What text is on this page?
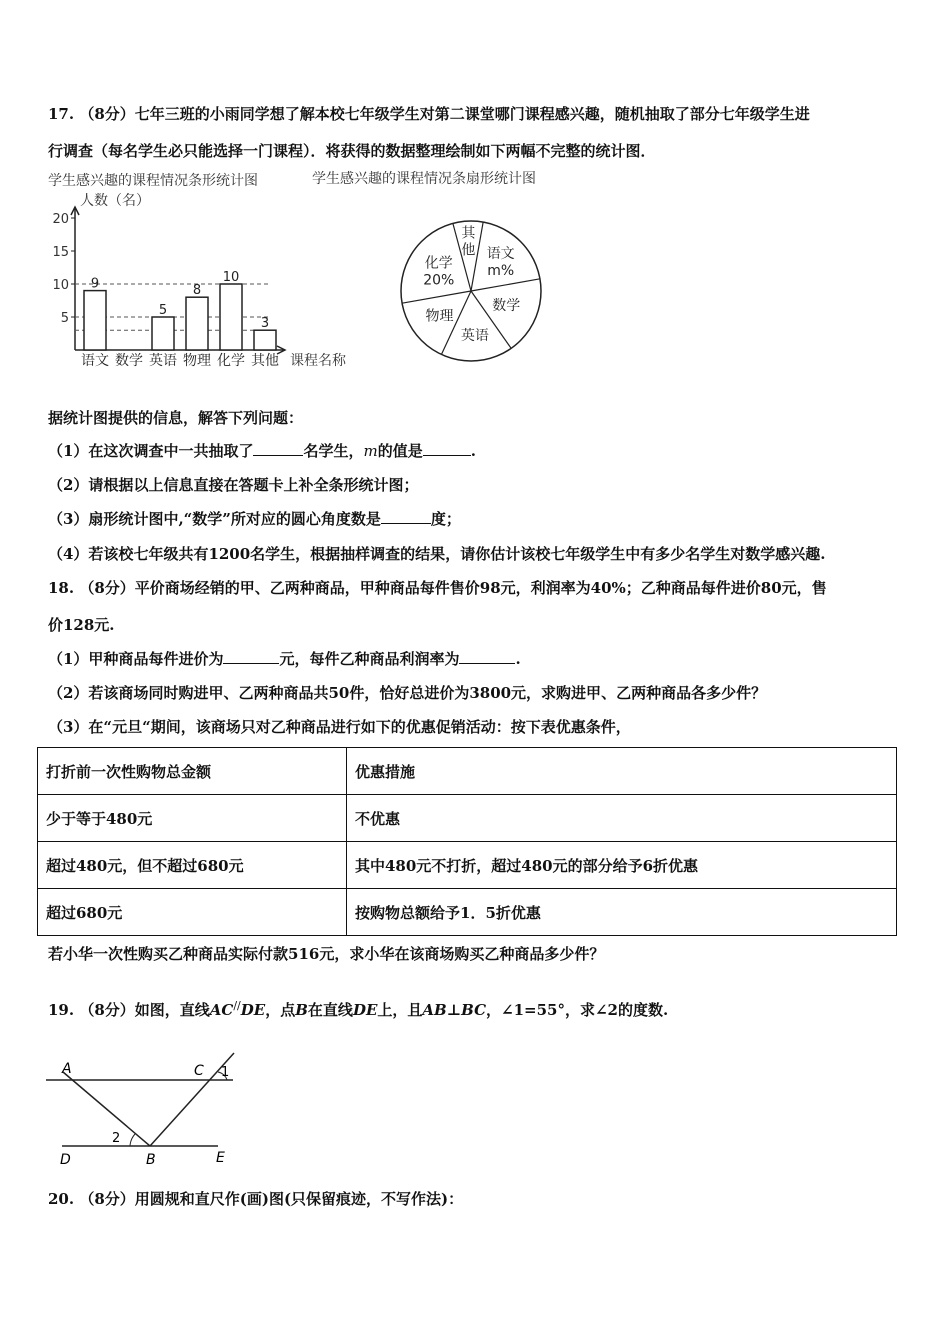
17. （8分）七年三班的小雨同学想了解本校七年级学生对第二课堂哪门课程感兴趣，随机抽取了部分七年级学生进
行调查（每名学生必只能选择一门课程）．将获得的数据整理绘制如下两幅不完整的统计图．
学生感兴趣的课程情况条形统计图	学生感兴趣的课程情况条扇形统计图
人数（名）
课程名称
20
15
10
5
语文
9
数学 英语
5
物理
8
化学
10
其他
3
其
他 语文
m%
数学
英语
物理
化学
20%
据统计图提供的信息，解答下列问题：
（1）在这次调查中一共抽取了	名学生，m的值是	.
（2）请根据以上信息直接在答题卡上补全条形统计图；
（3）扇形统计图中,“数学”所对应的圆心角度数是	度；
（4）若该校七年级共有1200名学生，根据抽样调查的结果，请你估计该校七年级学生中有多少名学生对数学感兴趣.
18. （8分）平价商场经销的甲、乙两种商品，甲种商品每件售价98元，利润率为40%；乙种商品每件进价80元，售
价128元.
（1）甲种商品每件进价为	元，每件乙种商品利润率为	.
（2）若该商场同时购进甲、乙两种商品共50件，恰好总进价为3800元，求购进甲、乙两种商品各多少件？
（3）在“元旦“期间，该商场只对乙种商品进行如下的优惠促销活动：按下表优惠条件，
打折前一次性购物总金额	优惠措施
少于等于480元	不优惠
超过480元，但不超过680元	其中480元不打折，超过480元的部分给予6折优惠
超过680元	按购物总额给予1．5折优惠
若小华一次性购买乙种商品实际付款516元，求小华在该商场购买乙种商品多少件？
19. （8分）如图，直线AC//DE，点B在直线DE上，且AB⊥BC，∠1=55°，求∠2的度数.
A	C 1
2
D	B	E
20. （8分）用圆规和直尺作(画)图(只保留痕迹，不写作法)：
